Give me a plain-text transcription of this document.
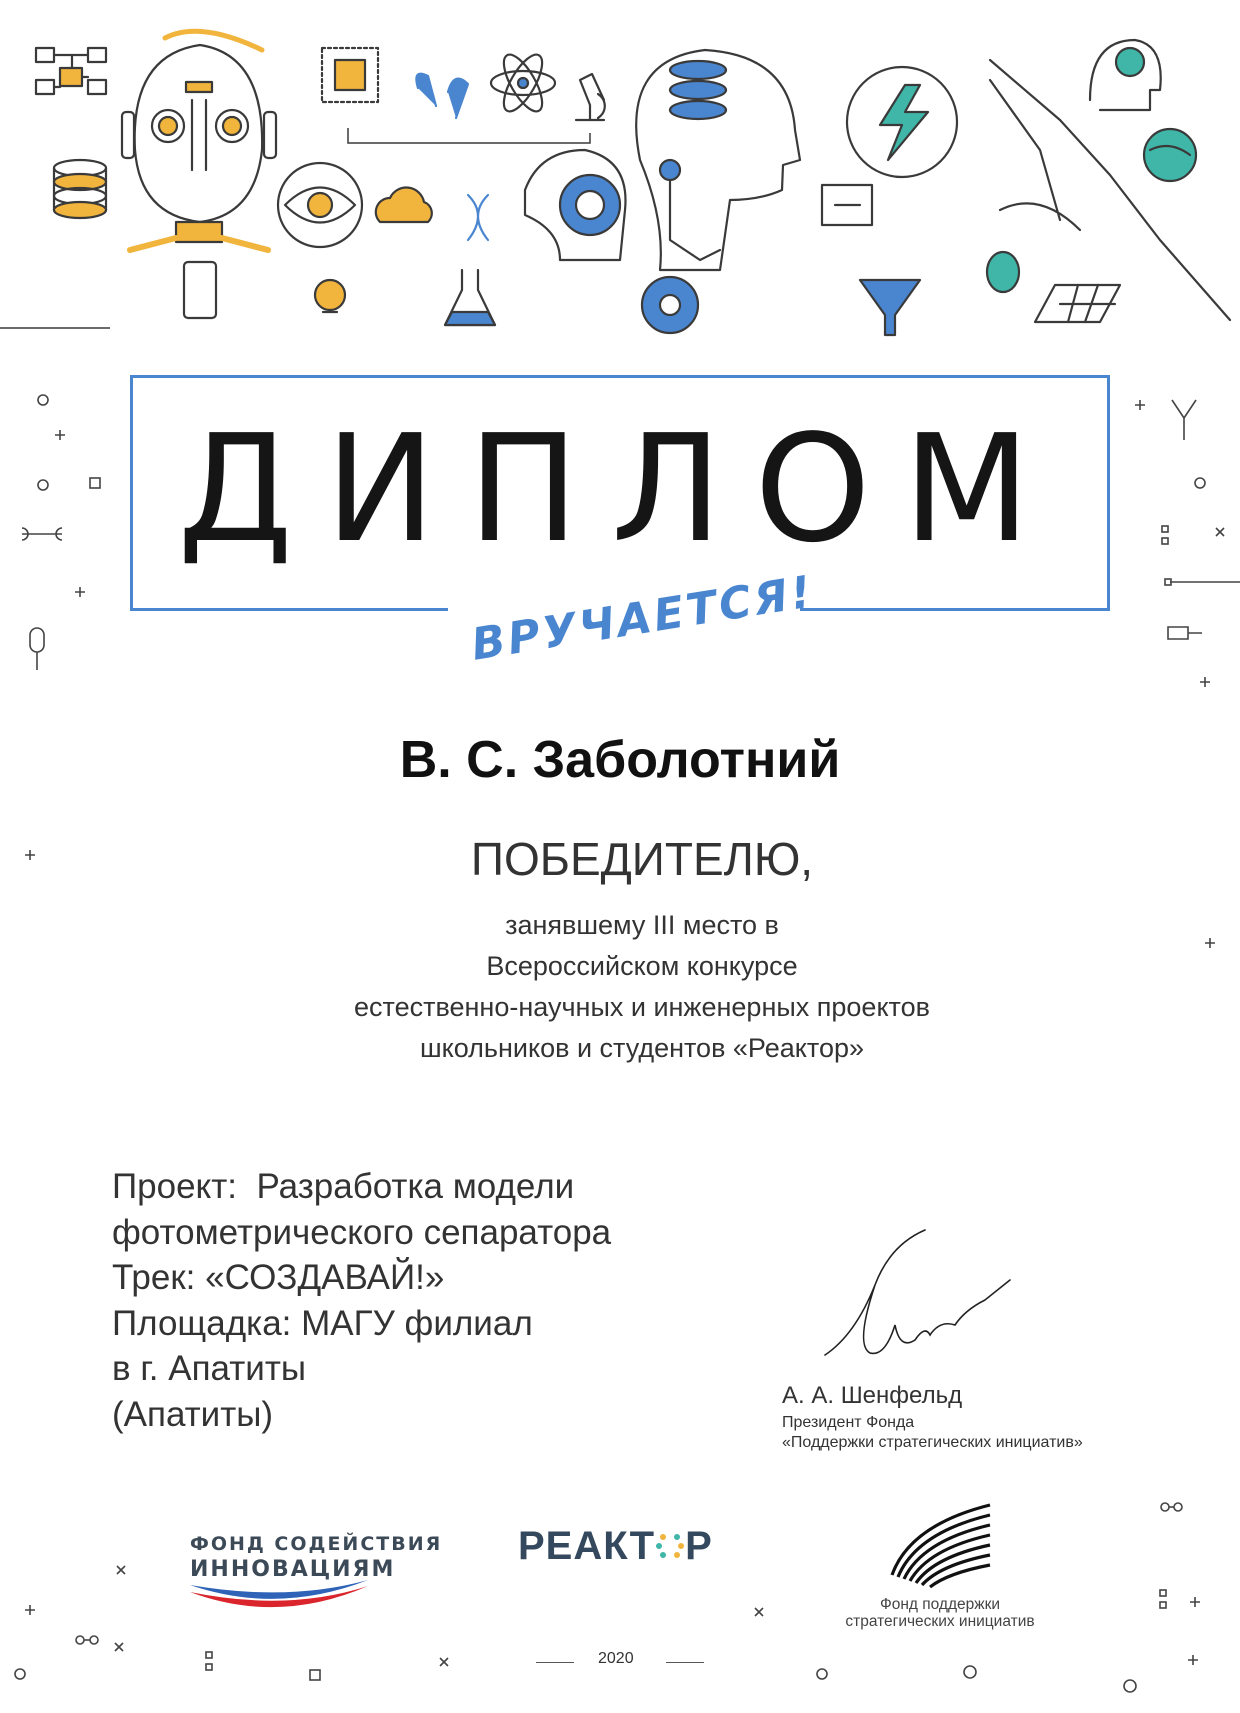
ДИПЛОМ
ВРУЧАЕТСЯ!
В. С. Заболотний
ПОБЕДИТЕЛЮ,
занявшему III место в
Всероссийском конкурсе
естественно-научных и инженерных проектов
школьников и студентов «Реактор»
Проект:  Разработка модели
фотометрического сепаратора
Трек: «СОЗДАВАЙ!»
Площадка: МАГУ филиал
в г. Апатиты
(Апатиты)	А. А. Шенфельд
Президент Фонда
«Поддержки стратегических инициатив»
ФОНД СОДЕЙСТВИЯ
ИННОВАЦИЯМ
РЕАКТ Р
Фонд поддержки
стратегических инициатив
2020
